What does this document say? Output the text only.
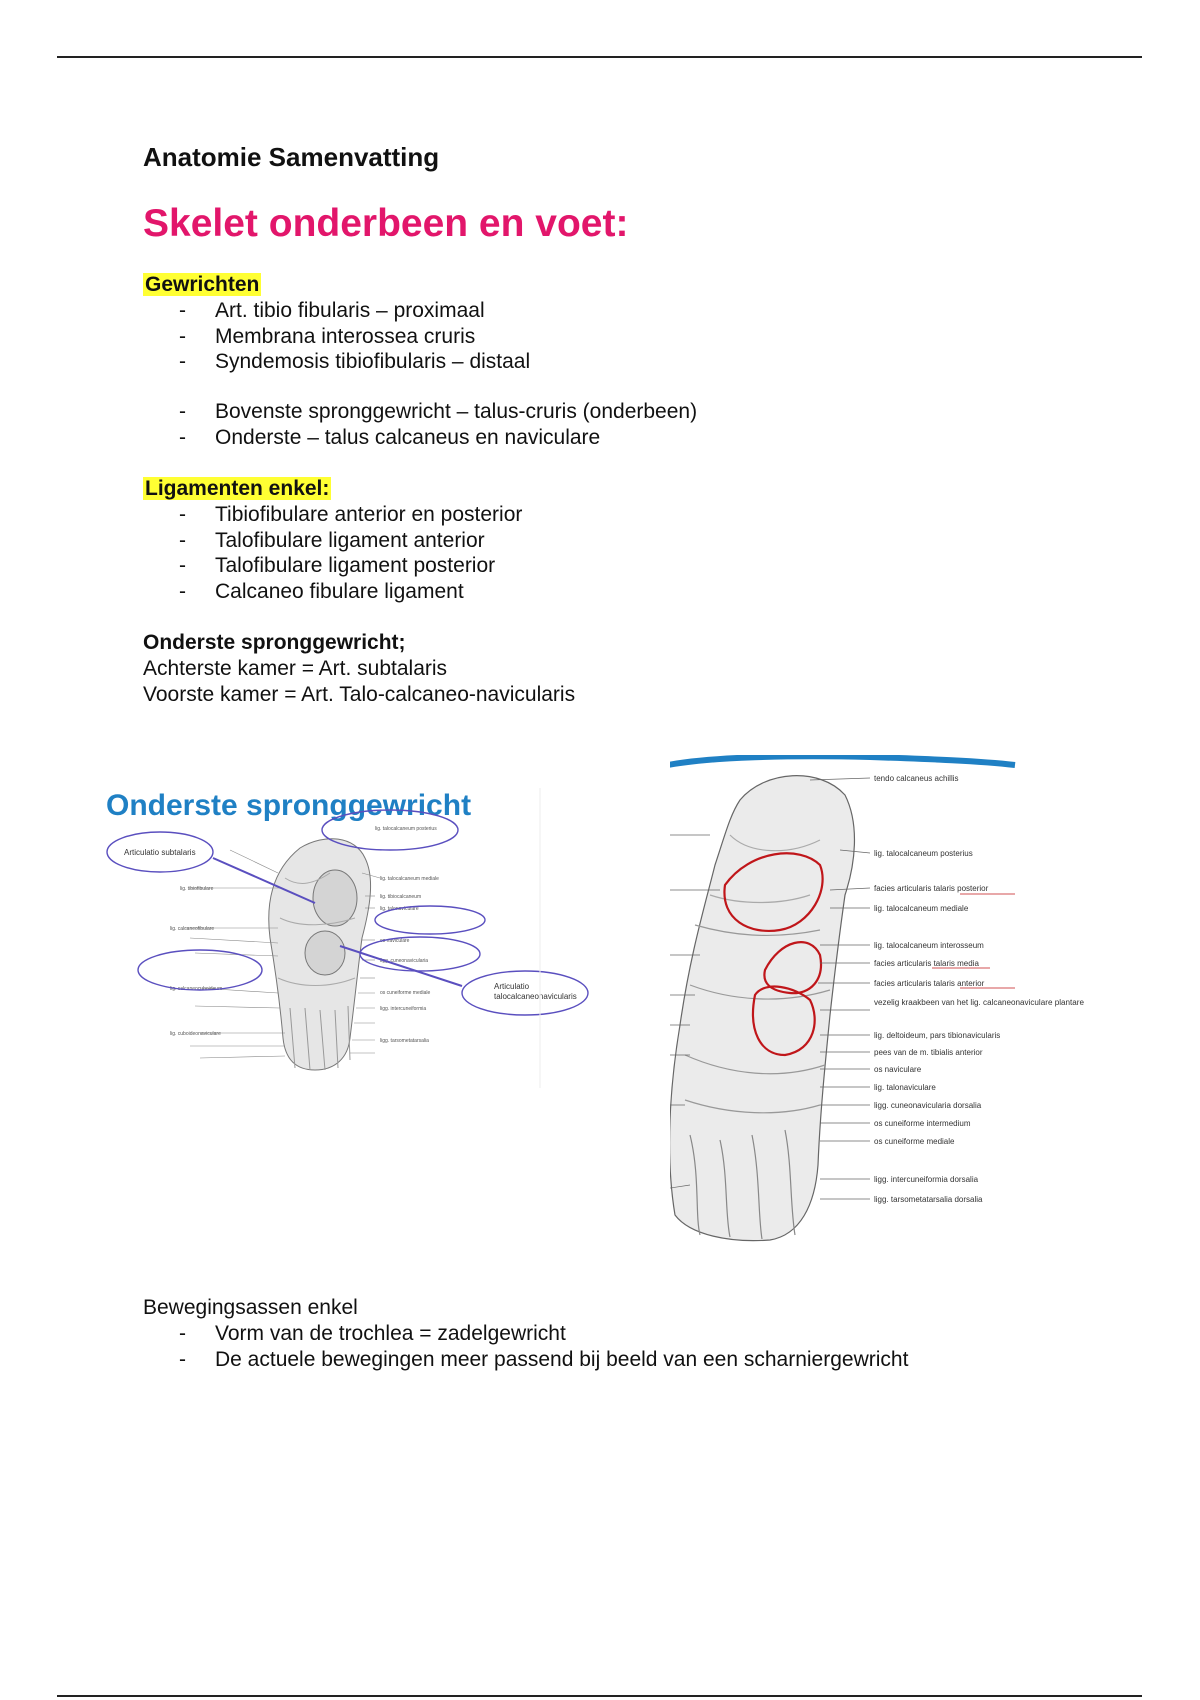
Anatomie Samenvatting
Skelet onderbeen en voet:
Gewrichten
- Art. tibio fibularis – proximaal
- Membrana interossea cruris
- Syndemosis tibiofibularis – distaal
- Bovenste spronggewricht – talus-cruris (onderbeen)
- Onderste – talus calcaneus en naviculare
Ligamenten enkel:
- Tibiofibulare anterior en posterior
- Talofibulare ligament anterior
- Talofibulare ligament posterior
- Calcaneo fibulare ligament
Onderste spronggewricht;
Achterste kamer = Art. subtalaris
Voorste kamer = Art. Talo-calcaneo-navicularis
Onderste spronggewricht
lig. talocalcaneum posterius
lig. talocalcaneum mediale
lig. tibiocalcaneum
lig. talonaviculare
os naviculare
ligg. cuneonavicularia
os cuneiforme mediale
ligg. intercuneiformia
ligg. tarsometatarsalia
lig. tibiofibulare
lig. calcaneofibulare
lig. calcaneocuboideum
lig. cuboideonaviculare
Articulatio subtalaris
Articulatio
talocalcaneonavicularis
tendo calcaneus achillis
lig. talocalcaneum posterius
facies articularis talaris posterior
lig. talocalcaneum mediale
lig. talocalcaneum interosseum
facies articularis talaris media
facies articularis talaris anterior
vezelig kraakbeen van het lig. calcaneonaviculare plantare
lig. deltoideum, pars tibionavicularis
pees van de m. tibialis anterior
os naviculare
lig. talonaviculare
ligg. cuneonavicularia dorsalia
os cuneiforme intermedium
os cuneiforme mediale
ligg. intercuneiformia dorsalia
ligg. tarsometatarsalia dorsalia
Bewegingsassen enkel
- Vorm van de trochlea = zadelgewricht
- De actuele bewegingen meer passend bij beeld van een scharniergewricht
